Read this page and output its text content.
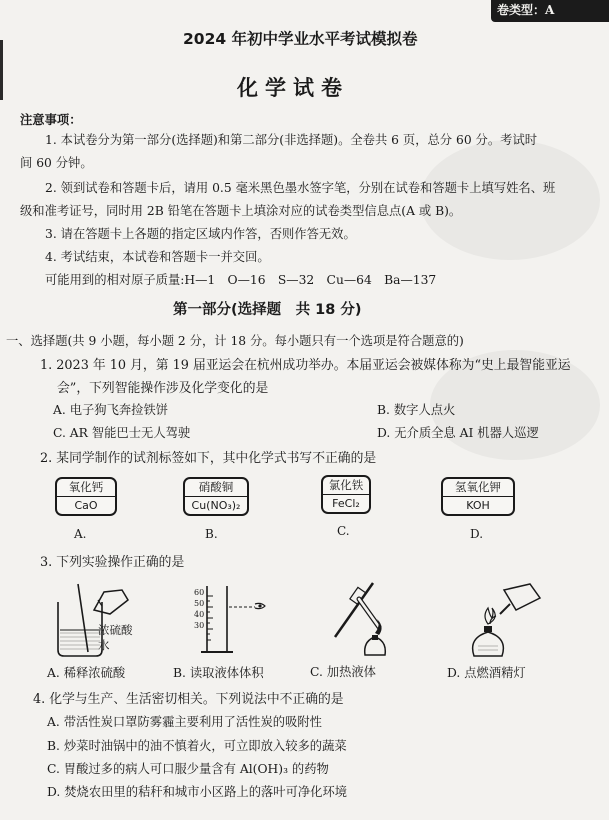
卷类型：A
2024 年初中学业水平考试模拟卷
化学试卷
注意事项：
1. 本试卷分为第一部分(选择题)和第二部分(非选择题)。全卷共 6 页，总分 60 分。考试时
间 60 分钟。
2. 领到试卷和答题卡后，请用 0.5 毫米黑色墨水签字笔，分别在试卷和答题卡上填写姓名、班
级和准考证号，同时用 2B 铅笔在答题卡上填涂对应的试卷类型信息点(A 或 B)。
3. 请在答题卡上各题的指定区域内作答，否则作答无效。
4. 考试结束，本试卷和答题卡一并交回。
可能用到的相对原子质量:H—1　O—16　S—32　Cu—64　Ba—137
第一部分(选择题　共 18 分)
一、选择题(共 9 小题，每小题 2 分，计 18 分。每小题只有一个选项是符合题意的)
1. 2023 年 10 月，第 19 届亚运会在杭州成功举办。本届亚运会被媒体称为“史上最智能亚运
会”，下列智能操作涉及化学变化的是
A. 电子狗飞奔捡铁饼	B. 数字人点火
C. AR 智能巴士无人驾驶	D. 无介质全息 AI 机器人巡逻
2. 某同学制作的试剂标签如下，其中化学式书写不正确的是
氧化钙
CaO
A.
硝酸铜
Cu(NO₃)₂
B.
氯化铁
FeCl₂
C.
氢氧化钾
KOH
D.
3. 下列实验操作正确的是
浓硫酸
水
60
50
40
30
A. 稀释浓硫酸	B. 读取液体体积	C. 加热液体	D. 点燃酒精灯
4. 化学与生产、生活密切相关。下列说法中不正确的是
A. 带活性炭口罩防雾霾主要利用了活性炭的吸附性
B. 炒菜时油锅中的油不慎着火，可立即放入较多的蔬菜
C. 胃酸过多的病人可口服少量含有 Al(OH)₃ 的药物
D. 焚烧农田里的秸秆和城市小区路上的落叶可净化环境
